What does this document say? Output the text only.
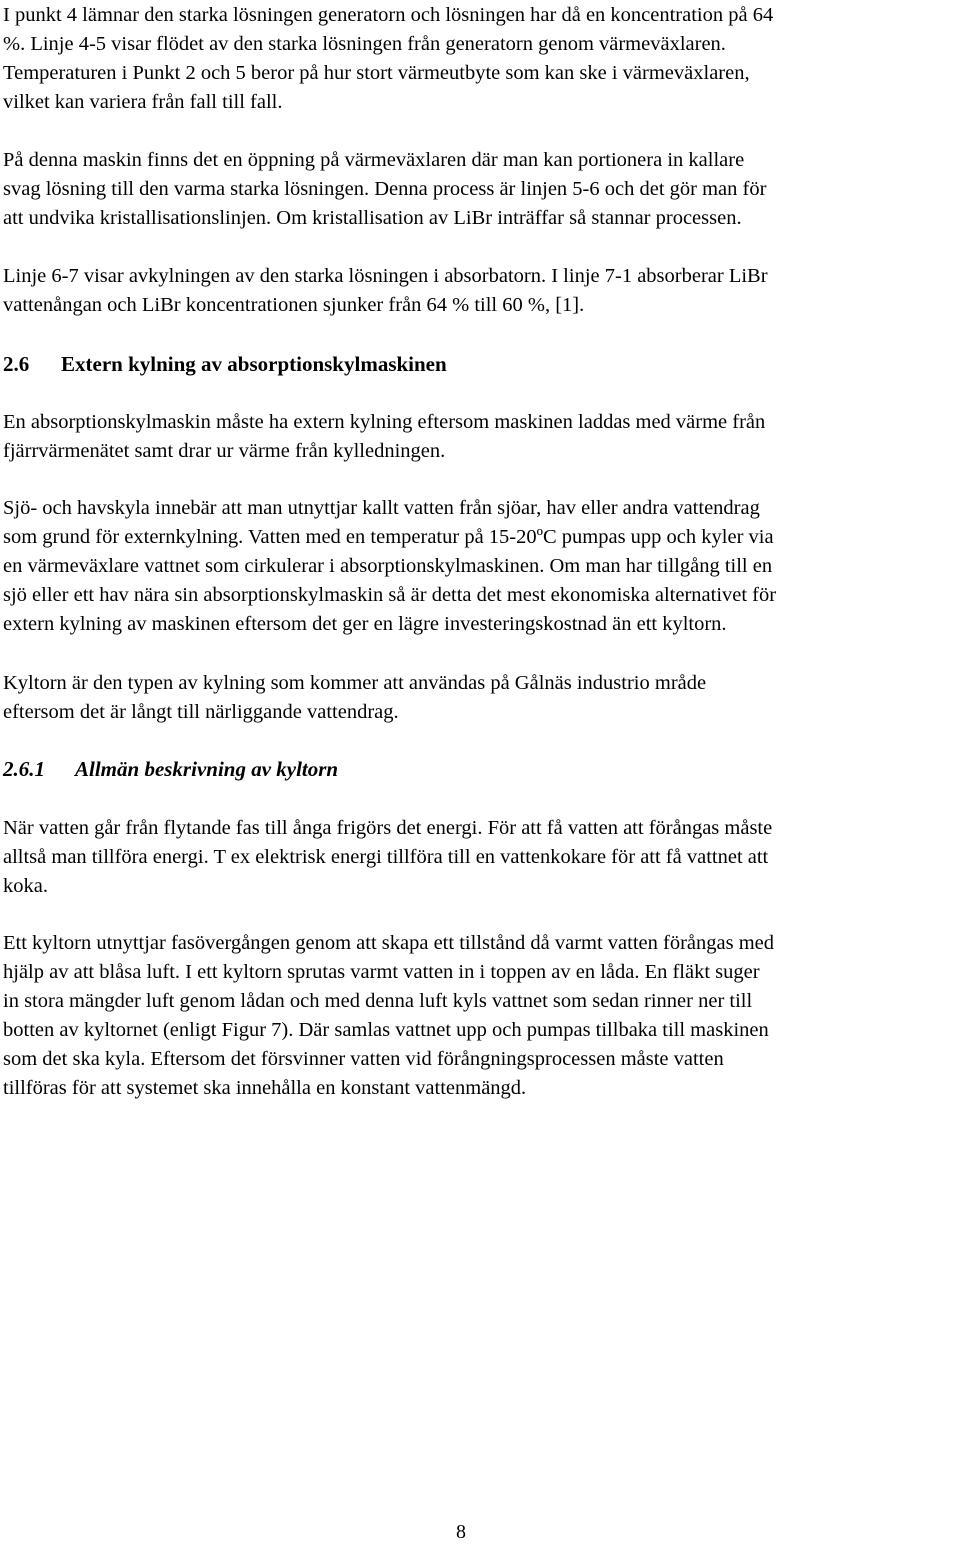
I punkt 4 lämnar den starka lösningen generatorn och lösningen har då en koncentration på 64
%. Linje 4-5 visar flödet av den starka lösningen från generatorn genom värmeväxlaren.
Temperaturen i Punkt 2 och 5 beror på hur stort värmeutbyte som kan ske i värmeväxlaren,
vilket kan variera från fall till fall.

På denna maskin finns det en öppning på värmeväxlaren där man kan portionera in kallare
svag lösning till den varma starka lösningen. Denna process är linjen 5-6 och det gör man för
att undvika kristallisationslinjen. Om kristallisation av LiBr inträffar så stannar processen.

Linje 6-7 visar avkylningen av den starka lösningen i absorbatorn. I linje 7-1 absorberar LiBr
vattenångan och LiBr koncentrationen sjunker från 64 % till 60 %, [1].

2.6 Extern kylning av absorptionskylmaskinen

En absorptionskylmaskin måste ha extern kylning eftersom maskinen laddas med värme från
fjärrvärmenätet samt drar ur värme från kylledningen.

Sjö- och havskyla innebär att man utnyttjar kallt vatten från sjöar, hav eller andra vattendrag
som grund för externkylning. Vatten med en temperatur på 15-20ºC pumpas upp och kyler via
en värmeväxlare vattnet som cirkulerar i absorptionskylmaskinen. Om man har tillgång till en
sjö eller ett hav nära sin absorptionskylmaskin så är detta det mest ekonomiska alternativet för
extern kylning av maskinen eftersom det ger en lägre investeringskostnad än ett kyltorn.

Kyltorn är den typen av kylning som kommer att användas på Gålnäs industrio mråde
eftersom det är långt till närliggande vattendrag.

2.6.1 Allmän beskrivning av kyltorn

När vatten går från flytande fas till ånga frigörs det energi. För att få vatten att förångas måste
alltså man tillföra energi. T ex elektrisk energi tillföra till en vattenkokare för att få vattnet att
koka.

Ett kyltorn utnyttjar fasövergången genom att skapa ett tillstånd då varmt vatten förångas med
hjälp av att blåsa luft. I ett kyltorn sprutas varmt vatten in i toppen av en låda. En fläkt suger
in stora mängder luft genom lådan och med denna luft kyls vattnet som sedan rinner ner till
botten av kyltornet (enligt Figur 7). Där samlas vattnet upp och pumpas tillbaka till maskinen
som det ska kyla. Eftersom det försvinner vatten vid förångningsprocessen måste vatten
tillföras för att systemet ska innehålla en konstant vattenmängd.

8
